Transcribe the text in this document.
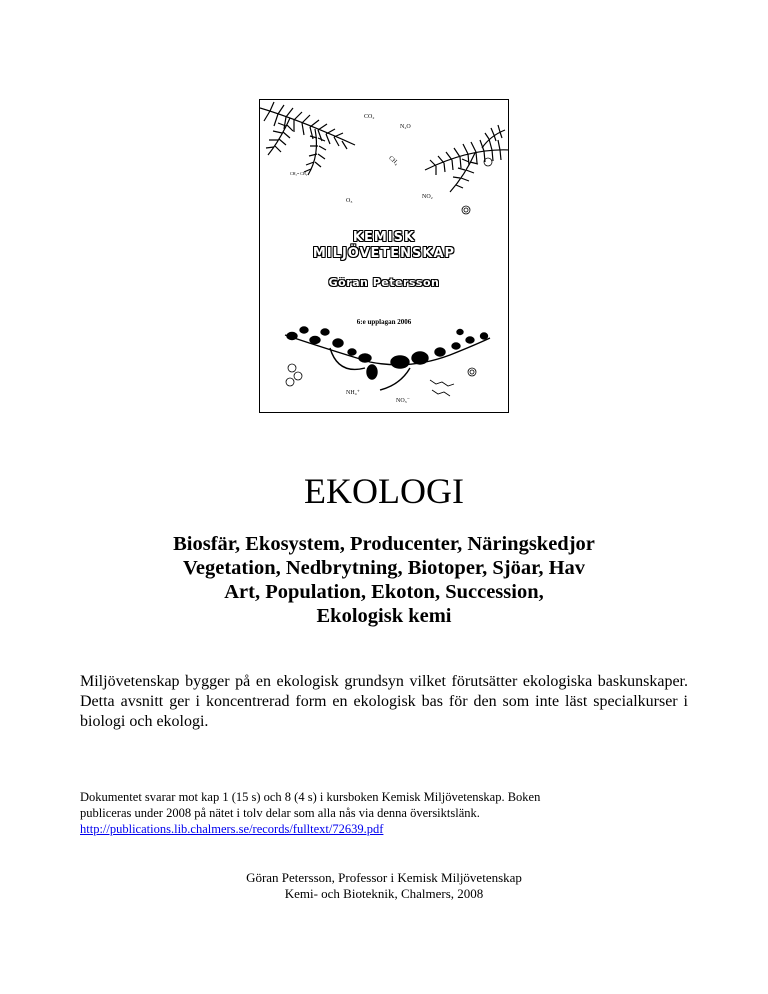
CO₂
N₂O
CH₄
CH₂= CH₂
NO₂
O₃
KEMISK
MILJÖVETENSKAP
Göran Petersson
6:e upplagan 2006
NH₄⁺
NO₃⁻
EKOLOGI
Biosfär, Ekosystem, Producenter, Näringskedjor
Vegetation, Nedbrytning, Biotoper, Sjöar, Hav
Art, Population, Ekoton, Succession,
Ekologisk kemi

Miljövetenskap bygger på en ekologisk grundsyn vilket förutsätter ekologiska baskunskaper. Detta avsnitt ger i koncentrerad form en ekologisk bas för den som inte läst specialkurser i biologi och ekologi.

Dokumentet svarar mot kap 1 (15 s) och 8 (4 s) i kursboken Kemisk Miljövetenskap. Boken
publiceras under 2008 på nätet i tolv delar som alla nås via denna översiktslänk.
http://publications.lib.chalmers.se/records/fulltext/72639.pdf
Göran Petersson, Professor i Kemisk Miljövetenskap
Kemi- och Bioteknik, Chalmers, 2008
